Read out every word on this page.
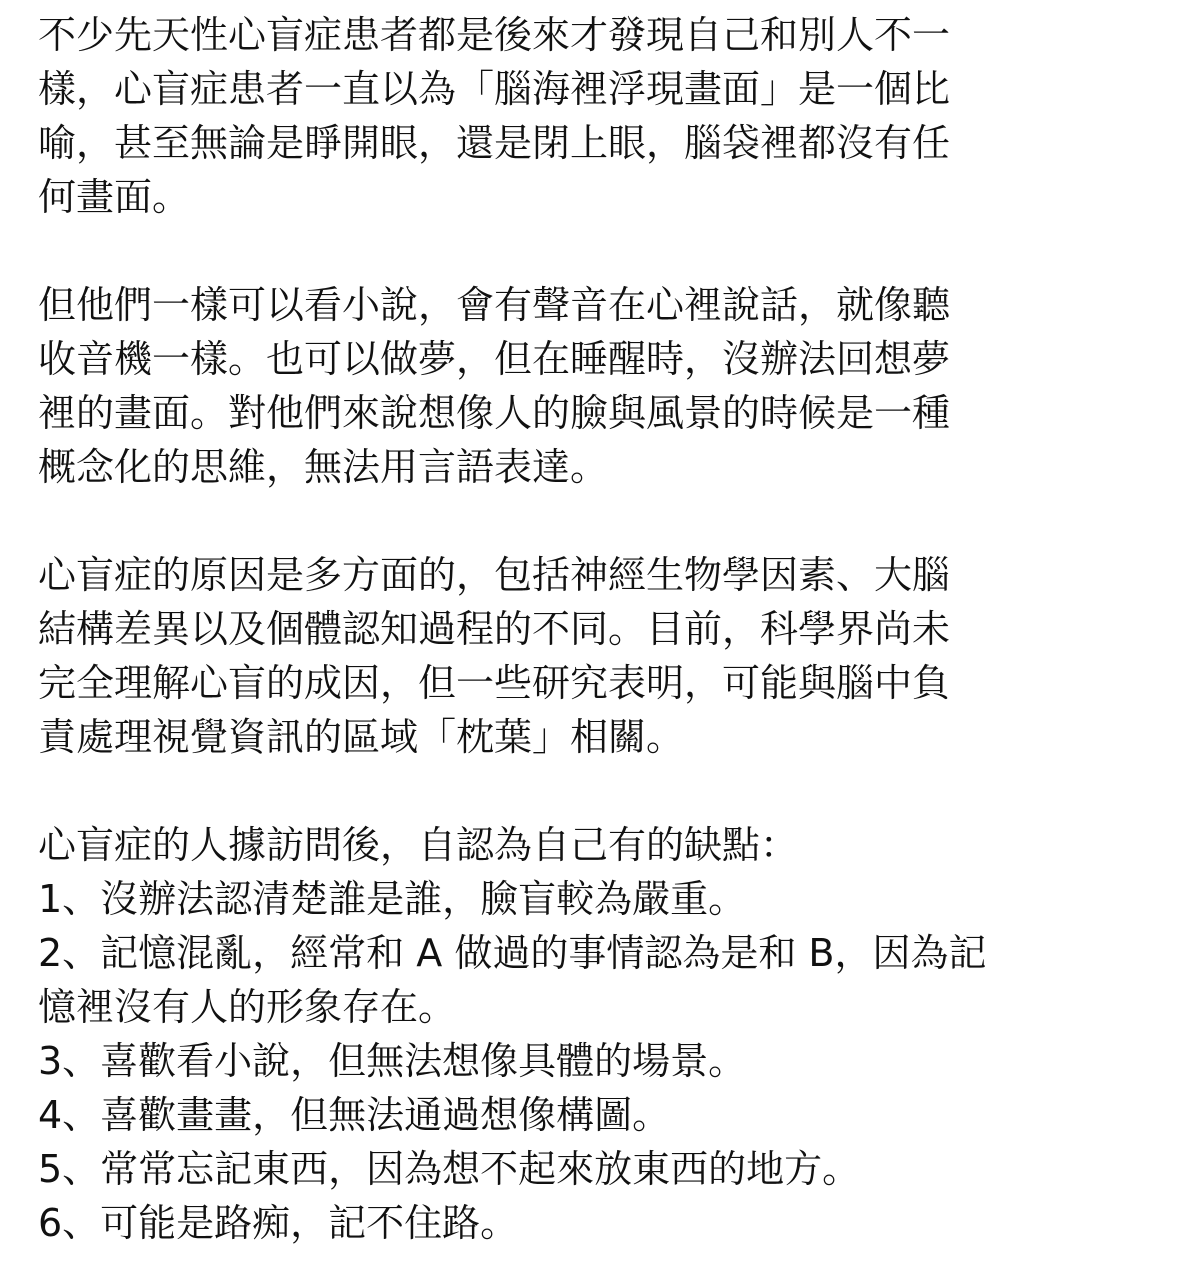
不少先天性心盲症患者都是後來才發現自己和別人不一
樣，心盲症患者一直以為「腦海裡浮現畫面」是一個比
喻，甚至無論是睜開眼，還是閉上眼，腦袋裡都沒有任
何畫面。
但他們一樣可以看小說，會有聲音在心裡說話，就像聽
收音機一樣。也可以做夢，但在睡醒時，沒辦法回想夢
裡的畫面。對他們來說想像人的臉與風景的時候是一種
概念化的思維，無法用言語表達。
心盲症的原因是多方面的，包括神經生物學因素、大腦
結構差異以及個體認知過程的不同。目前，科學界尚未
完全理解心盲的成因，但一些研究表明，可能與腦中負
責處理視覺資訊的區域「枕葉」相關。
心盲症的人據訪問後，自認為自己有的缺點：
1、沒辦法認清楚誰是誰，臉盲較為嚴重。
2、記憶混亂，經常和 A 做過的事情認為是和 B，因為記
憶裡沒有人的形象存在。
3、喜歡看小說，但無法想像具體的場景。
4、喜歡畫畫，但無法通過想像構圖。
5、常常忘記東西，因為想不起來放東西的地方。
6、可能是路痴，記不住路。
